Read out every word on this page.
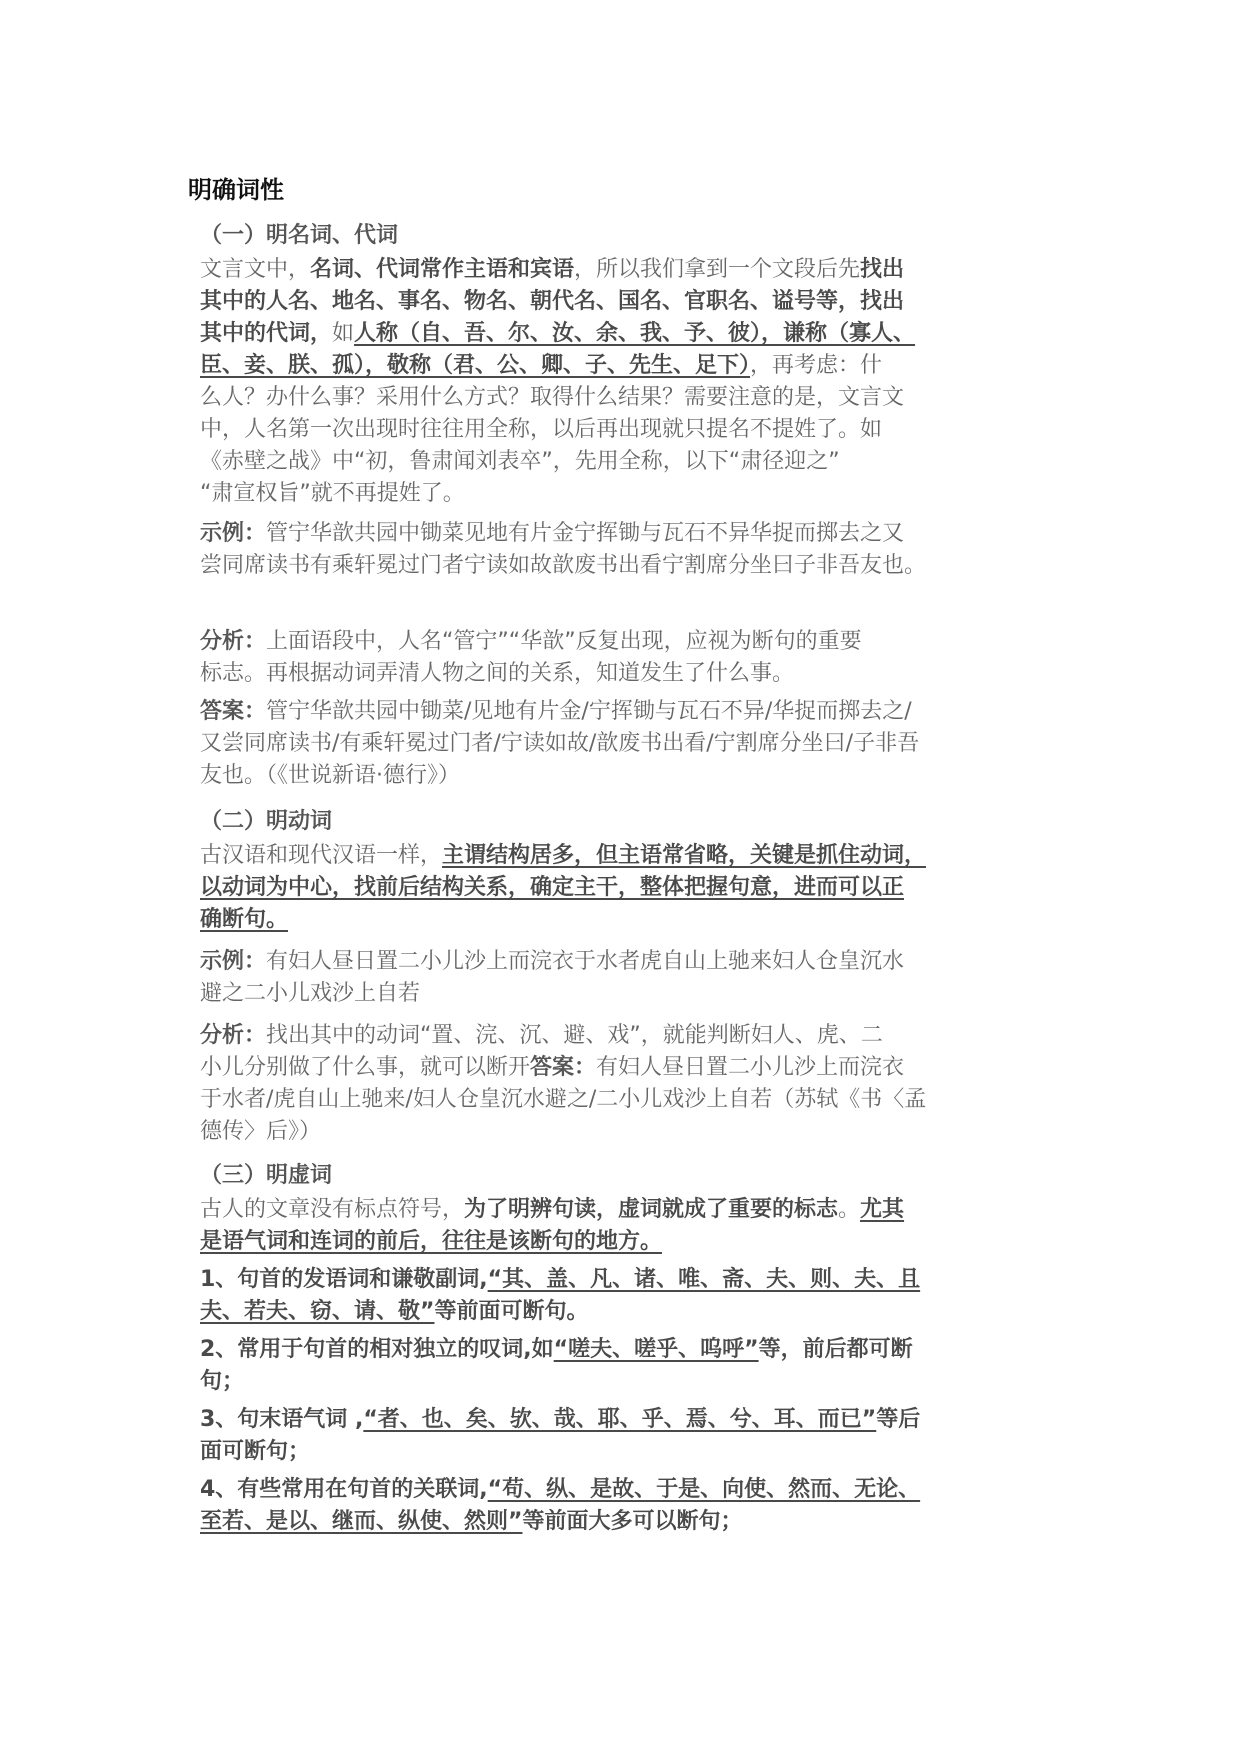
明确词性
（一）明名词、代词
文言文中，名词、代词常作主语和宾语，所以我们拿到一个文段后先找出
其中的人名、地名、事名、物名、朝代名、国名、官职名、谥号等，找出
其中的代词，如人称（自、吾、尔、汝、余、我、予、彼），谦称（寡人、
臣、妾、朕、孤），敬称（君、公、卿、子、先生、足下），再考虑：什
么人？办什么事？采用什么方式？取得什么结果？需要注意的是，文言文
中，人名第一次出现时往往用全称，以后再出现就只提名不提姓了。如
《赤壁之战》中“初，鲁肃闻刘表卒”，先用全称，以下“肃径迎之”
“肃宣权旨”就不再提姓了。
示例：管宁华歆共园中锄菜见地有片金宁挥锄与瓦石不异华捉而掷去之又
尝同席读书有乘轩冕过门者宁读如故歆废书出看宁割席分坐曰子非吾友也。
分析：上面语段中，人名“管宁”“华歆”反复出现，应视为断句的重要
标志。再根据动词弄清人物之间的关系，知道发生了什么事。
答案：管宁华歆共园中锄菜/见地有片金/宁挥锄与瓦石不异/华捉而掷去之/
又尝同席读书/有乘轩冕过门者/宁读如故/歆废书出看/宁割席分坐曰/子非吾
友也。（《世说新语·德行》）
（二）明动词
古汉语和现代汉语一样，主谓结构居多，但主语常省略，关键是抓住动词，
以动词为中心，找前后结构关系，确定主干，整体把握句意，进而可以正
确断句。
示例：有妇人昼日置二小儿沙上而浣衣于水者虎自山上驰来妇人仓皇沉水
避之二小儿戏沙上自若
分析：找出其中的动词“置、浣、沉、避、戏”，就能判断妇人、虎、二
小儿分别做了什么事，就可以断开答案：有妇人昼日置二小儿沙上而浣衣
于水者/虎自山上驰来/妇人仓皇沉水避之/二小儿戏沙上自若（苏轼《书〈孟
德传〉后》）
（三）明虚词
古人的文章没有标点符号，为了明辨句读，虚词就成了重要的标志。尤其
是语气词和连词的前后，往往是该断句的地方。
1、句首的发语词和谦敬副词,“其、盖、凡、诸、唯、斋、夫、则、夫、且
夫、若夫、窃、请、敬”等前面可断句。
2、常用于句首的相对独立的叹词,如“嗟夫、嗟乎、呜呼”等，前后都可断
句；
3、句末语气词 ,“者、也、矣、欤、哉、耶、乎、焉、兮、耳、而已”等后
面可断句；
4、有些常用在句首的关联词,“苟、纵、是故、于是、向使、然而、无论、
至若、是以、继而、纵使、然则”等前面大多可以断句；
